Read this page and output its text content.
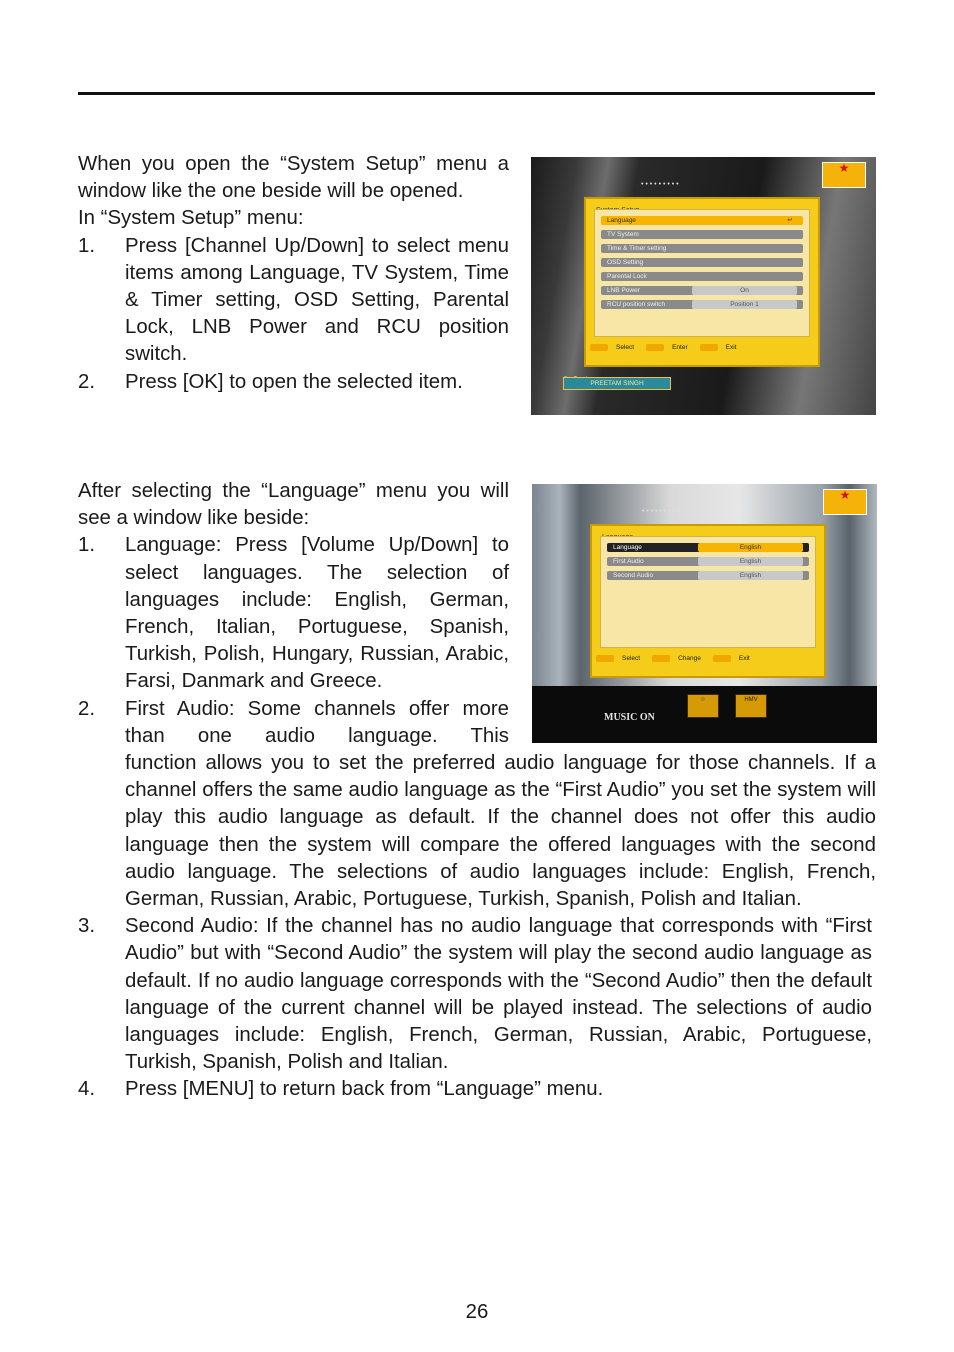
When you open the “System Setup” menu a window like the one beside will be opened.

In “System Setup” menu:

1.	Press [Channel Up/Down] to select menu items among Language, TV System, Time & Timer setting, OSD Setting, Parental Lock, LNB Power and RCU position switch.
2.	Press [OK] to open the selected item.
• • • • • • • • •
★
Language	↵
TV System
Time & Timer setting
OSD Setting
Parental Lock
LNB Power	On
RCU position switch	Position 1
Select	Enter	Exit
PREETAM SINGH

After selecting the “Language” menu you will see a window like beside:

1.	Language: Press [Volume Up/Down] to select languages. The selection of languages include: English, German, French, Italian, Portuguese, Spanish, Turkish, Polish, Hungary, Russian, Arabic, Farsi, Danmark and Greece.
2.	First Audio: Some channels offer more than one audio language. This
function allows you to set the preferred audio language for those channels. If a channel offers the same audio language as the “First Audio” you set the system will play this audio language as default. If the channel does not offer this audio language then the system will compare the offered languages with the second audio language. The selections of audio languages include: English, French, German, Russian, Arabic, Portuguese, Turkish, Spanish, Polish and Italian.
3.	Second Audio: If the channel has no audio language that corresponds with “First Audio” but with “Second Audio” the system will play the second audio language as default. If no audio language corresponds with the “Second Audio” then the default language of the current channel will be played instead. The selections of audio languages include: English, French, German, Russian, Arabic, Portuguese, Turkish, Spanish, Polish and Italian.
4.	Press [MENU] to return back from “Language” menu.
• • • • • • • • •
★
Language	English
First Audio	English
Second Audio	English
Select	Change	Exit
MUSIC ON
☆	HMV
26
